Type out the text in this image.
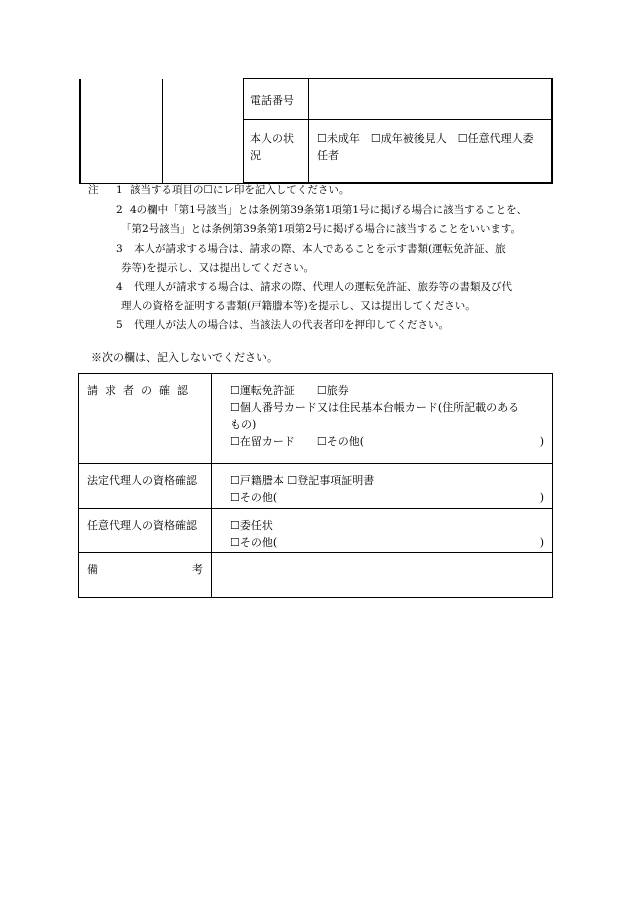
		電話番号	
		本人の状況	☐未成年　☐成年被後見人　☐任意代理人委
任者
注 1 該当する項目の☐にレ印を記入してください。
2 4の欄中「第1号該当」とは条例第39条第1項第1号に掲げる場合に該当することを、
「第2号該当」とは条例第39条第1項第2号に掲げる場合に該当することをいいます。
3 本人が請求する場合は、請求の際、本人であることを示す書類(運転免許証、旅
券等)を提示し、又は提出してください。
4 代理人が請求する場合は、請求の際、代理人の運転免許証、旅券等の書類及び代
理人の資格を証明する書類(戸籍謄本等)を提示し、又は提出してください。
5 代理人が法人の場合は、当該法人の代表者印を押印してください。
※次の欄は、記入しないでください。
請求者の確認	☐運転免許証　　☐旅券
☐個人番号カード又は住民基本台帳カード(住所記載のある
もの)
☐在留カード　　☐その他( )

法定代理人の資格確認	☐戸籍謄本 ☐登記事項証明書
☐その他( )

任意代理人の資格確認	☐委任状
☐その他( )

備 考	
